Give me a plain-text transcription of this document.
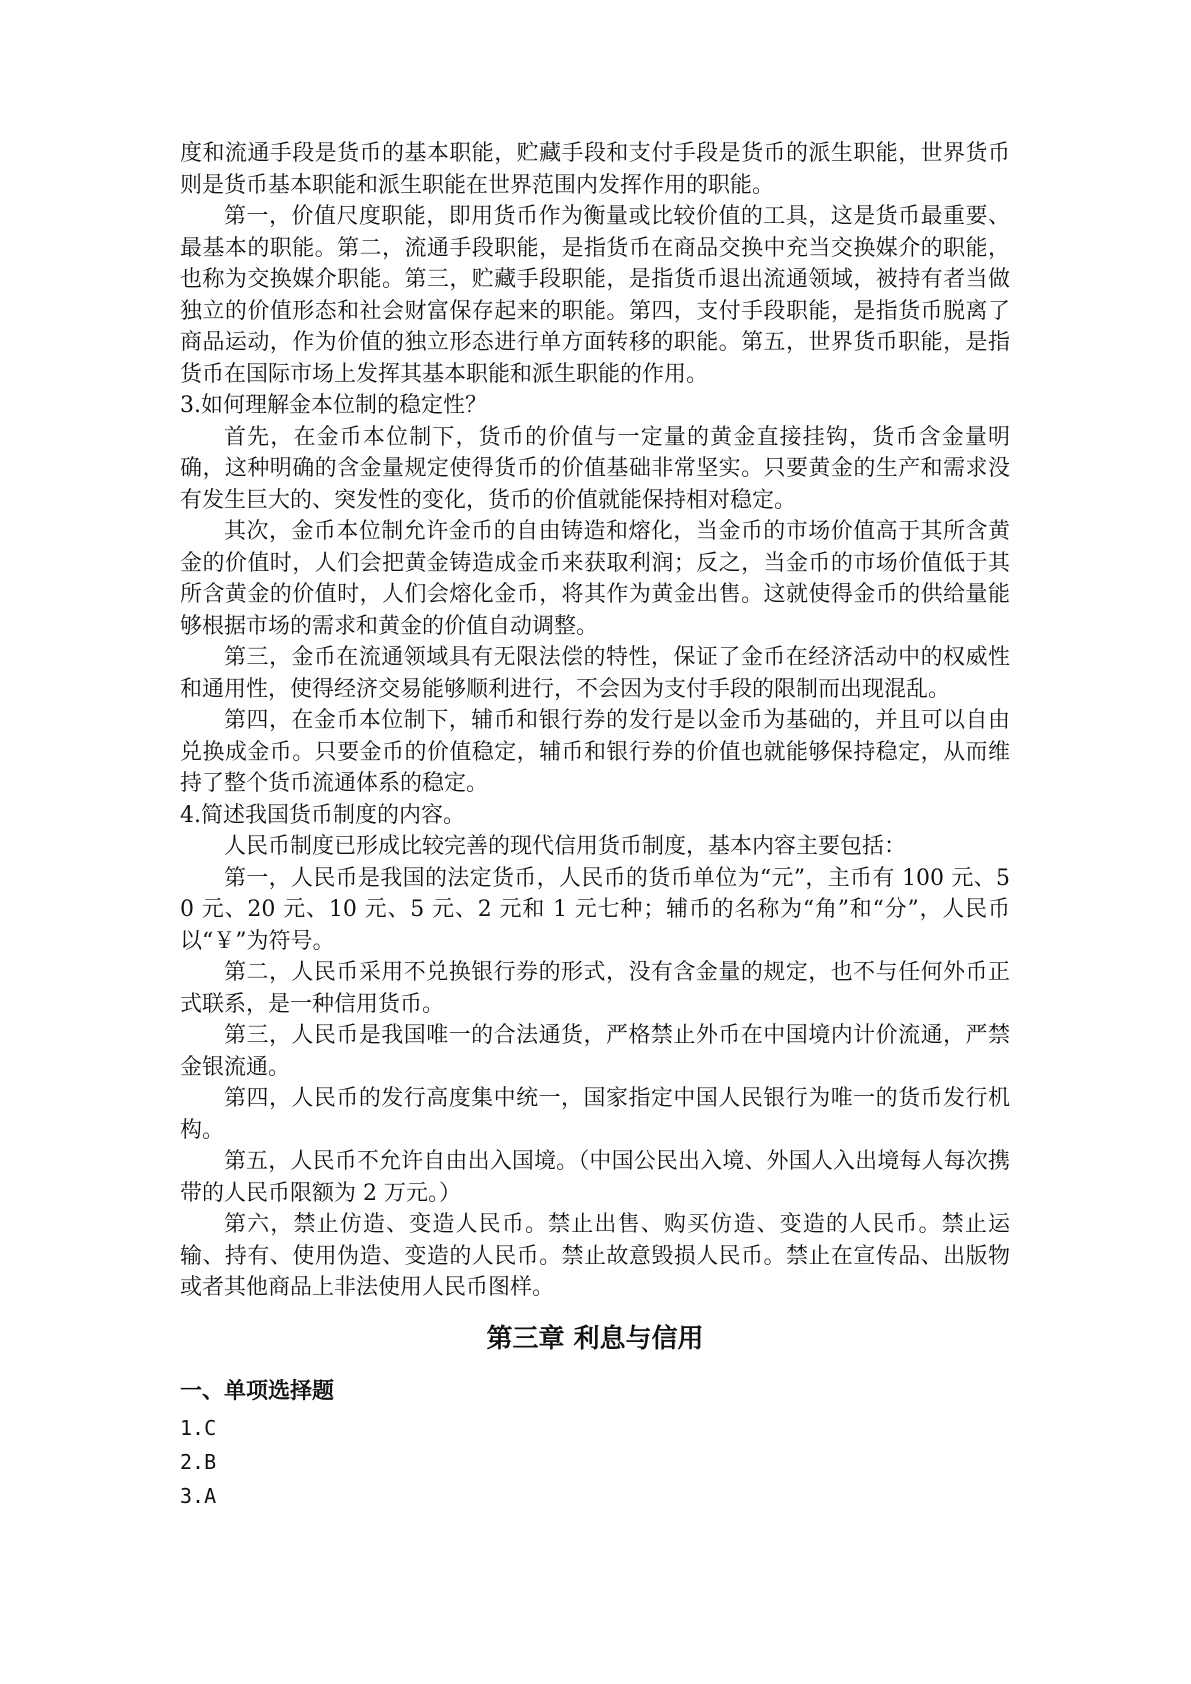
度和流通手段是货币的基本职能，贮藏手段和支付手段是货币的派生职能，世界货币则是货币基本职能和派生职能在世界范围内发挥作用的职能。

第一，价值尺度职能，即用货币作为衡量或比较价值的工具，这是货币最重要、最基本的职能。第二，流通手段职能，是指货币在商品交换中充当交换媒介的职能，也称为交换媒介职能。第三，贮藏手段职能，是指货币退出流通领域，被持有者当做独立的价值形态和社会财富保存起来的职能。第四，支付手段职能，是指货币脱离了商品运动，作为价值的独立形态进行单方面转移的职能。第五，世界货币职能，是指货币在国际市场上发挥其基本职能和派生职能的作用。

3.如何理解金本位制的稳定性？

首先，在金币本位制下，货币的价值与一定量的黄金直接挂钩，货币含金量明确，这种明确的含金量规定使得货币的价值基础非常坚实。只要黄金的生产和需求没有发生巨大的、突发性的变化，货币的价值就能保持相对稳定。

其次，金币本位制允许金币的自由铸造和熔化，当金币的市场价值高于其所含黄金的价值时，人们会把黄金铸造成金币来获取利润；反之，当金币的市场价值低于其所含黄金的价值时，人们会熔化金币，将其作为黄金出售。这就使得金币的供给量能够根据市场的需求和黄金的价值自动调整。

第三，金币在流通领域具有无限法偿的特性，保证了金币在经济活动中的权威性和通用性，使得经济交易能够顺利进行，不会因为支付手段的限制而出现混乱。

第四，在金币本位制下，辅币和银行券的发行是以金币为基础的，并且可以自由兑换成金币。只要金币的价值稳定，辅币和银行券的价值也就能够保持稳定，从而维持了整个货币流通体系的稳定。

4.简述我国货币制度的内容。

人民币制度已形成比较完善的现代信用货币制度，基本内容主要包括：

第一，人民币是我国的法定货币，人民币的货币单位为“元”，主币有 100 元、50 元、20 元、10 元、5 元、2 元和 1 元七种；辅币的名称为“角”和“分”，人民币以“￥”为符号。

第二，人民币采用不兑换银行券的形式，没有含金量的规定，也不与任何外币正式联系，是一种信用货币。

第三，人民币是我国唯一的合法通货，严格禁止外币在中国境内计价流通，严禁金银流通。

第四，人民币的发行高度集中统一，国家指定中国人民银行为唯一的货币发行机构。

第五，人民币不允许自由出入国境。（中国公民出入境、外国人入出境每人每次携带的人民币限额为 2 万元。）

第六，禁止仿造、变造人民币。禁止出售、购买仿造、变造的人民币。禁止运输、持有、使用伪造、变造的人民币。禁止故意毁损人民币。禁止在宣传品、出版物或者其他商品上非法使用人民币图样。

第三章 利息与信用
一、单项选择题

1.C

2.B

3.A
